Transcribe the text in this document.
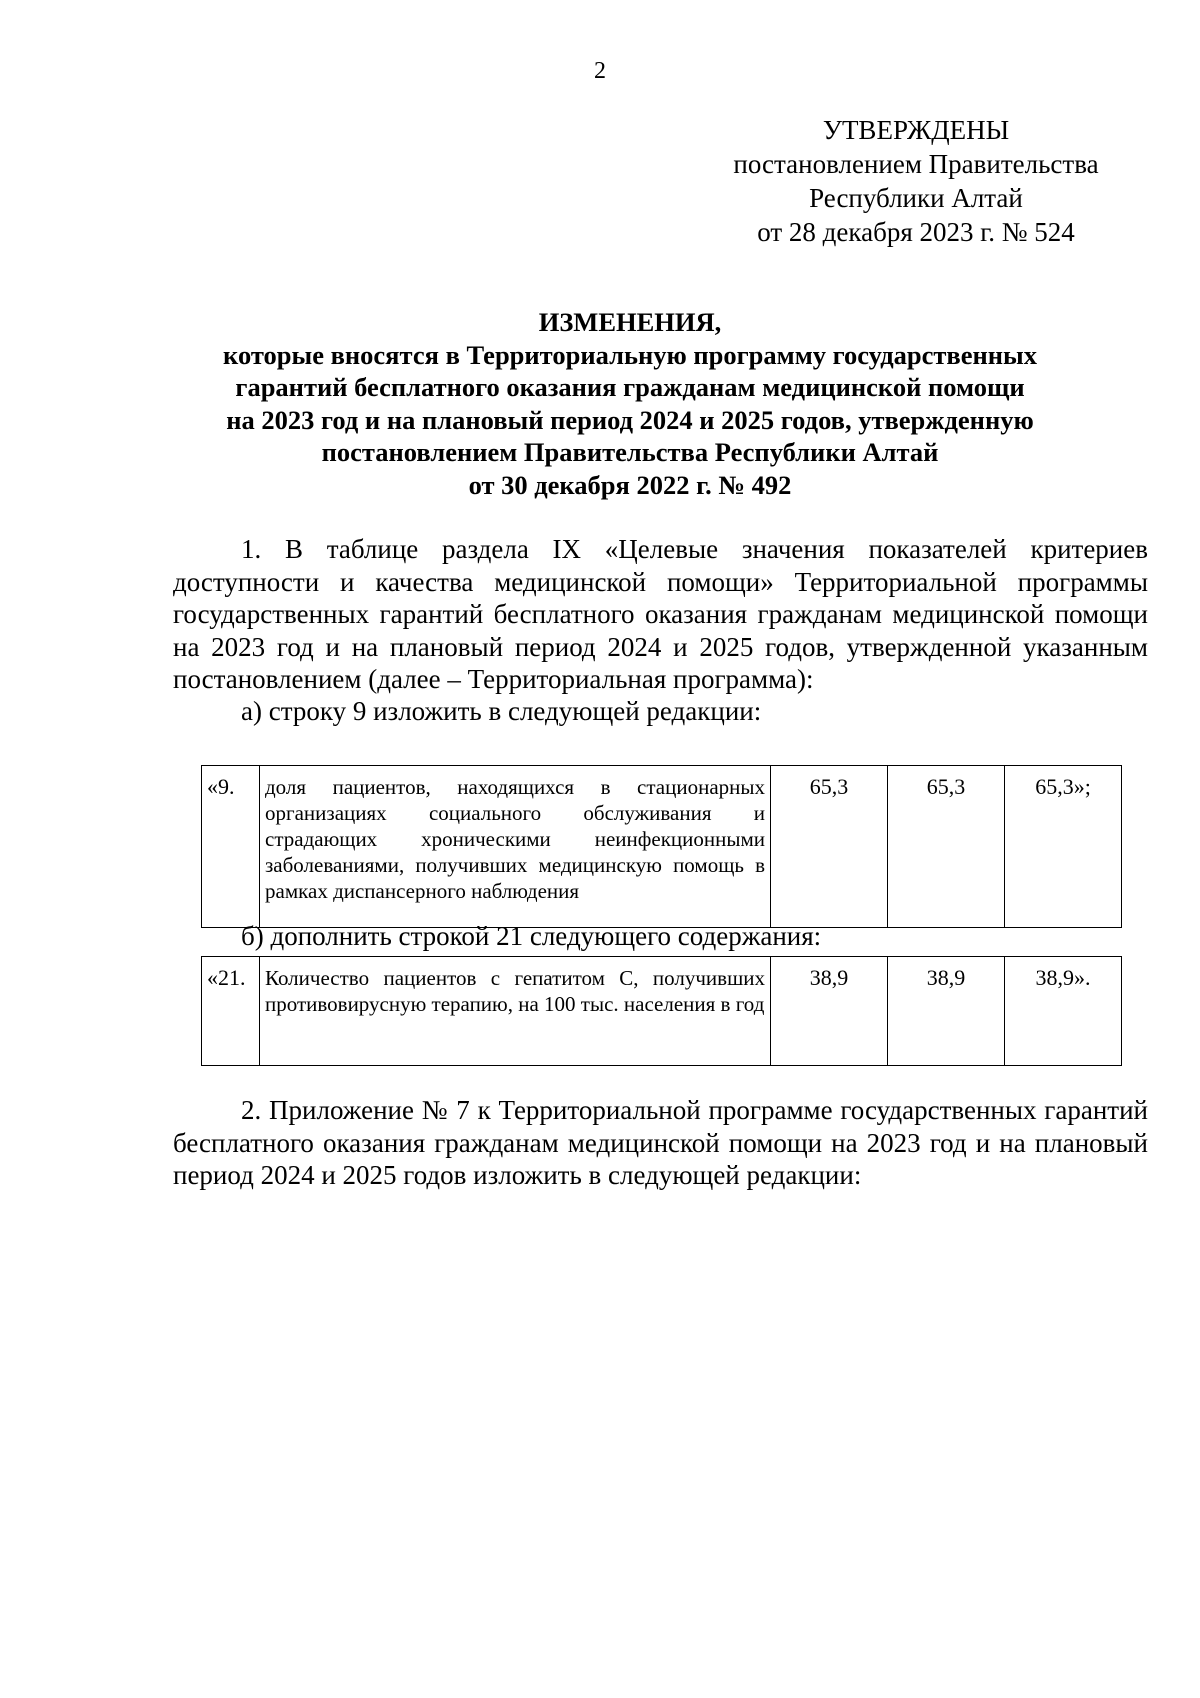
2
УТВЕРЖДЕНЫ
постановлением Правительства
Республики Алтай
от 28 декабря 2023 г. № 524
ИЗМЕНЕНИЯ,
которые вносятся в Территориальную программу государственных
гарантий бесплатного оказания гражданам медицинской помощи
на 2023 год и на плановый период 2024 и 2025 годов, утвержденную
постановлением Правительства Республики Алтай
от 30 декабря 2022 г. № 492
1. В таблице раздела IX «Целевые значения показателей критериев доступности и качества медицинской помощи» Территориальной программы государственных гарантий бесплатного оказания гражданам медицинской помощи на 2023 год и на плановый период 2024 и 2025 годов, утвержденной указанным постановлением (далее – Территориальная программа):
а) строку 9 изложить в следующей редакции:
«9.	доля пациентов, находящихся в стационарных организациях социального обслуживания и страдающих хроническими неинфекционными заболеваниями, получивших медицинскую помощь в рамках диспансерного наблюдения	65,3	65,3	65,3»;
б) дополнить строкой 21 следующего содержания:
«21.	Количество пациентов с гепатитом С, получивших противовирусную терапию, на 100 тыс. населения в год	38,9	38,9	38,9».
2. Приложение № 7 к Территориальной программе государственных гарантий бесплатного оказания гражданам медицинской помощи на 2023 год и на плановый период 2024 и 2025 годов изложить в следующей редакции:
